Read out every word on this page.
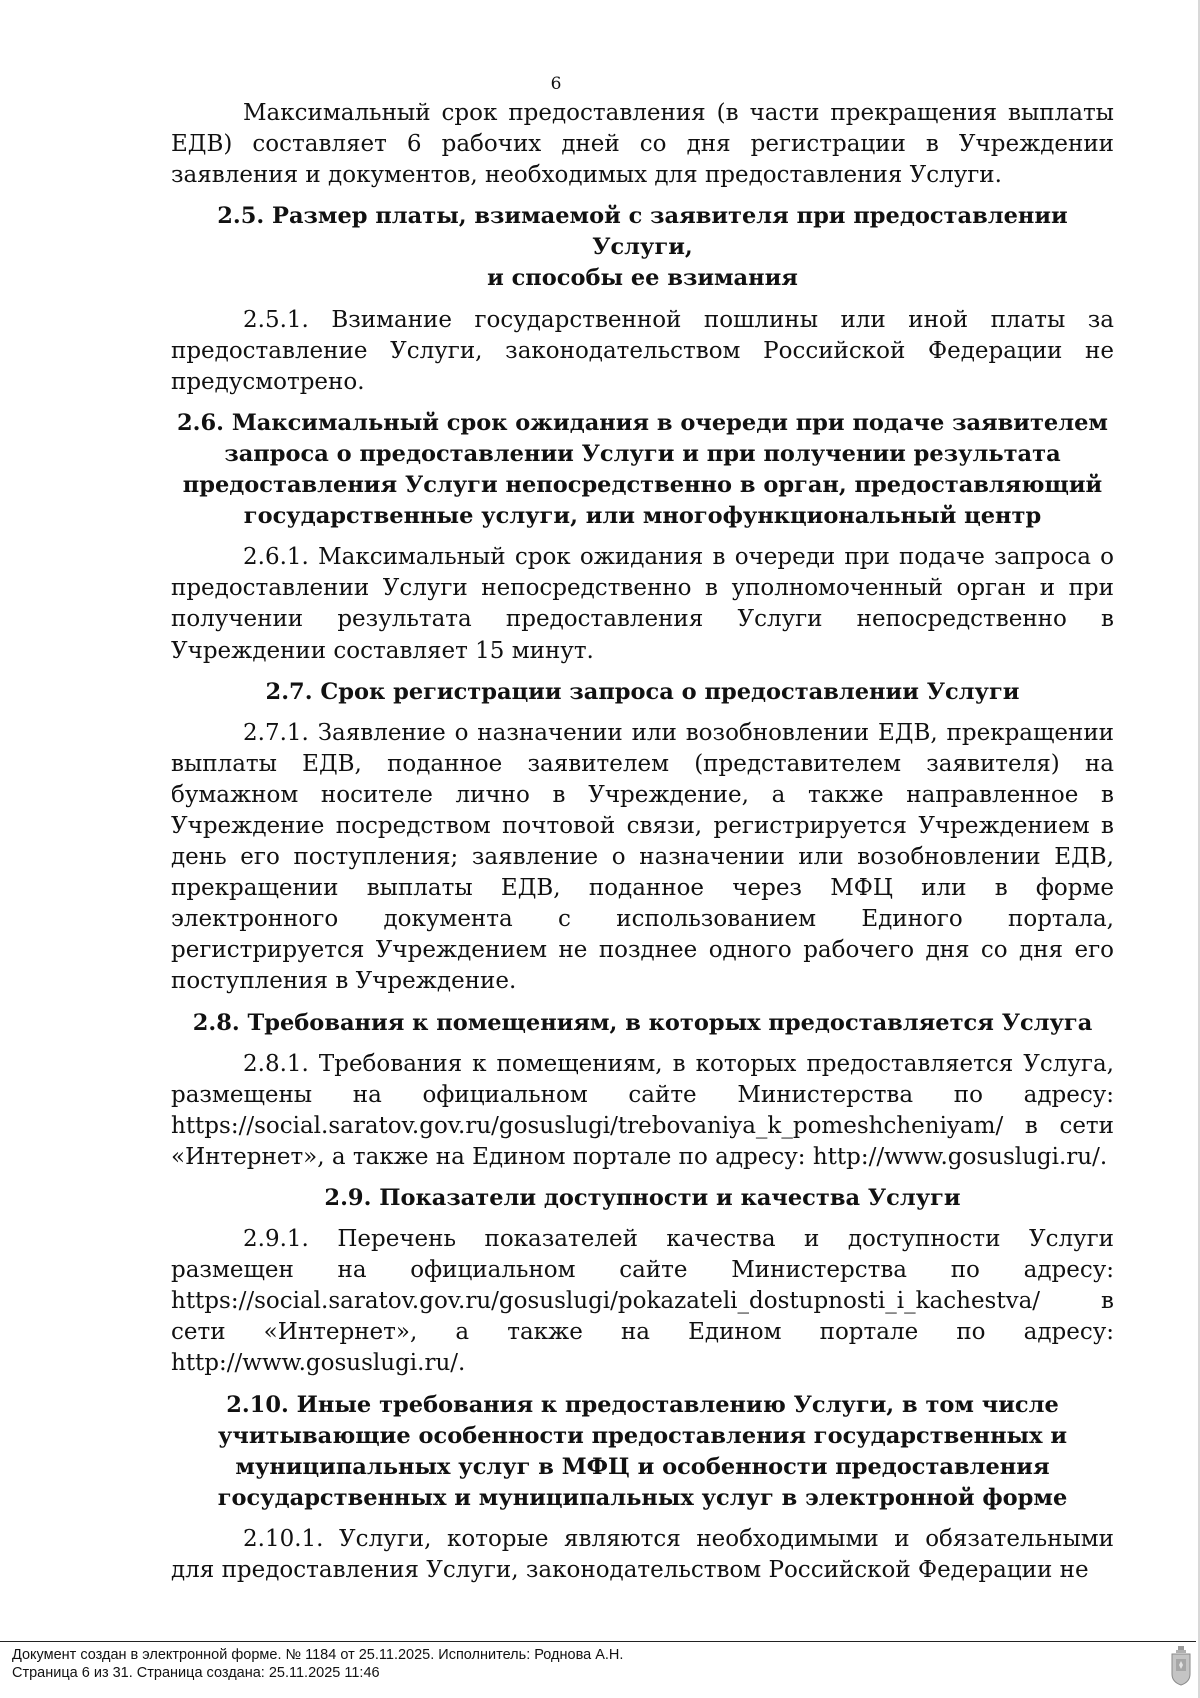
6

Максимальный срок предоставления (в части прекращения выплаты ЕДВ) составляет 6 рабочих дней со дня регистрации в Учреждении заявления и документов, необходимых для предоставления Услуги.

2.5. Размер платы, взимаемой с заявителя при предоставлении Услуги,
и способы ее взимания

2.5.1. Взимание государственной пошлины или иной платы за предоставление Услуги, законодательством Российской Федерации не предусмотрено.

2.6. Максимальный срок ожидания в очереди при подаче заявителем
запроса о предоставлении Услуги и при получении результата
предоставления Услуги непосредственно в орган, предоставляющий
государственные услуги, или многофункциональный центр

2.6.1. Максимальный срок ожидания в очереди при подаче запроса о предоставлении Услуги непосредственно в уполномоченный орган и при получении результата предоставления Услуги непосредственно в Учреждении составляет 15 минут.

2.7. Срок регистрации запроса о предоставлении Услуги

2.7.1. Заявление о назначении или возобновлении ЕДВ, прекращении выплаты ЕДВ, поданное заявителем (представителем заявителя) на бумажном носителе лично в Учреждение, а также направленное в Учреждение посредством почтовой связи, регистрируется Учреждением в день его поступления; заявление о назначении или возобновлении ЕДВ, прекращении выплаты ЕДВ, поданное через МФЦ или в форме электронного документа с использованием Единого портала, регистрируется Учреждением не позднее одного рабочего дня со дня его поступления в Учреждение.

2.8. Требования к помещениям, в которых предоставляется Услуга

2.8.1. Требования к помещениям, в которых предоставляется Услуга, размещены на официальном сайте Министерства по адресу: https://social.saratov.gov.ru/gosuslugi/trebovaniya_k_pomeshcheniyam/ в сети «Интернет», а также на Едином портале по адресу: http://www.gosuslugi.ru/.

2.9. Показатели доступности и качества Услуги

2.9.1. Перечень показателей качества и доступности Услуги размещен на официальном сайте Министерства по адресу: https://social.saratov.gov.ru/gosuslugi/pokazateli_dostupnosti_i_kachestva/ в сети «Интернет», а также на Едином портале по адресу: http://www.gosuslugi.ru/.

2.10. Иные требования к предоставлению Услуги, в том числе
учитывающие особенности предоставления государственных и
муниципальных услуг в МФЦ и особенности предоставления
государственных и муниципальных услуг в электронной форме

2.10.1. Услуги, которые являются необходимыми и обязательными для предоставления Услуги, законодательством Российской Федерации не

Документ создан в электронной форме. № 1184 от 25.11.2025. Исполнитель: Роднова А.Н.
Страница 6 из 31. Страница создана: 25.11.2025 11:46
